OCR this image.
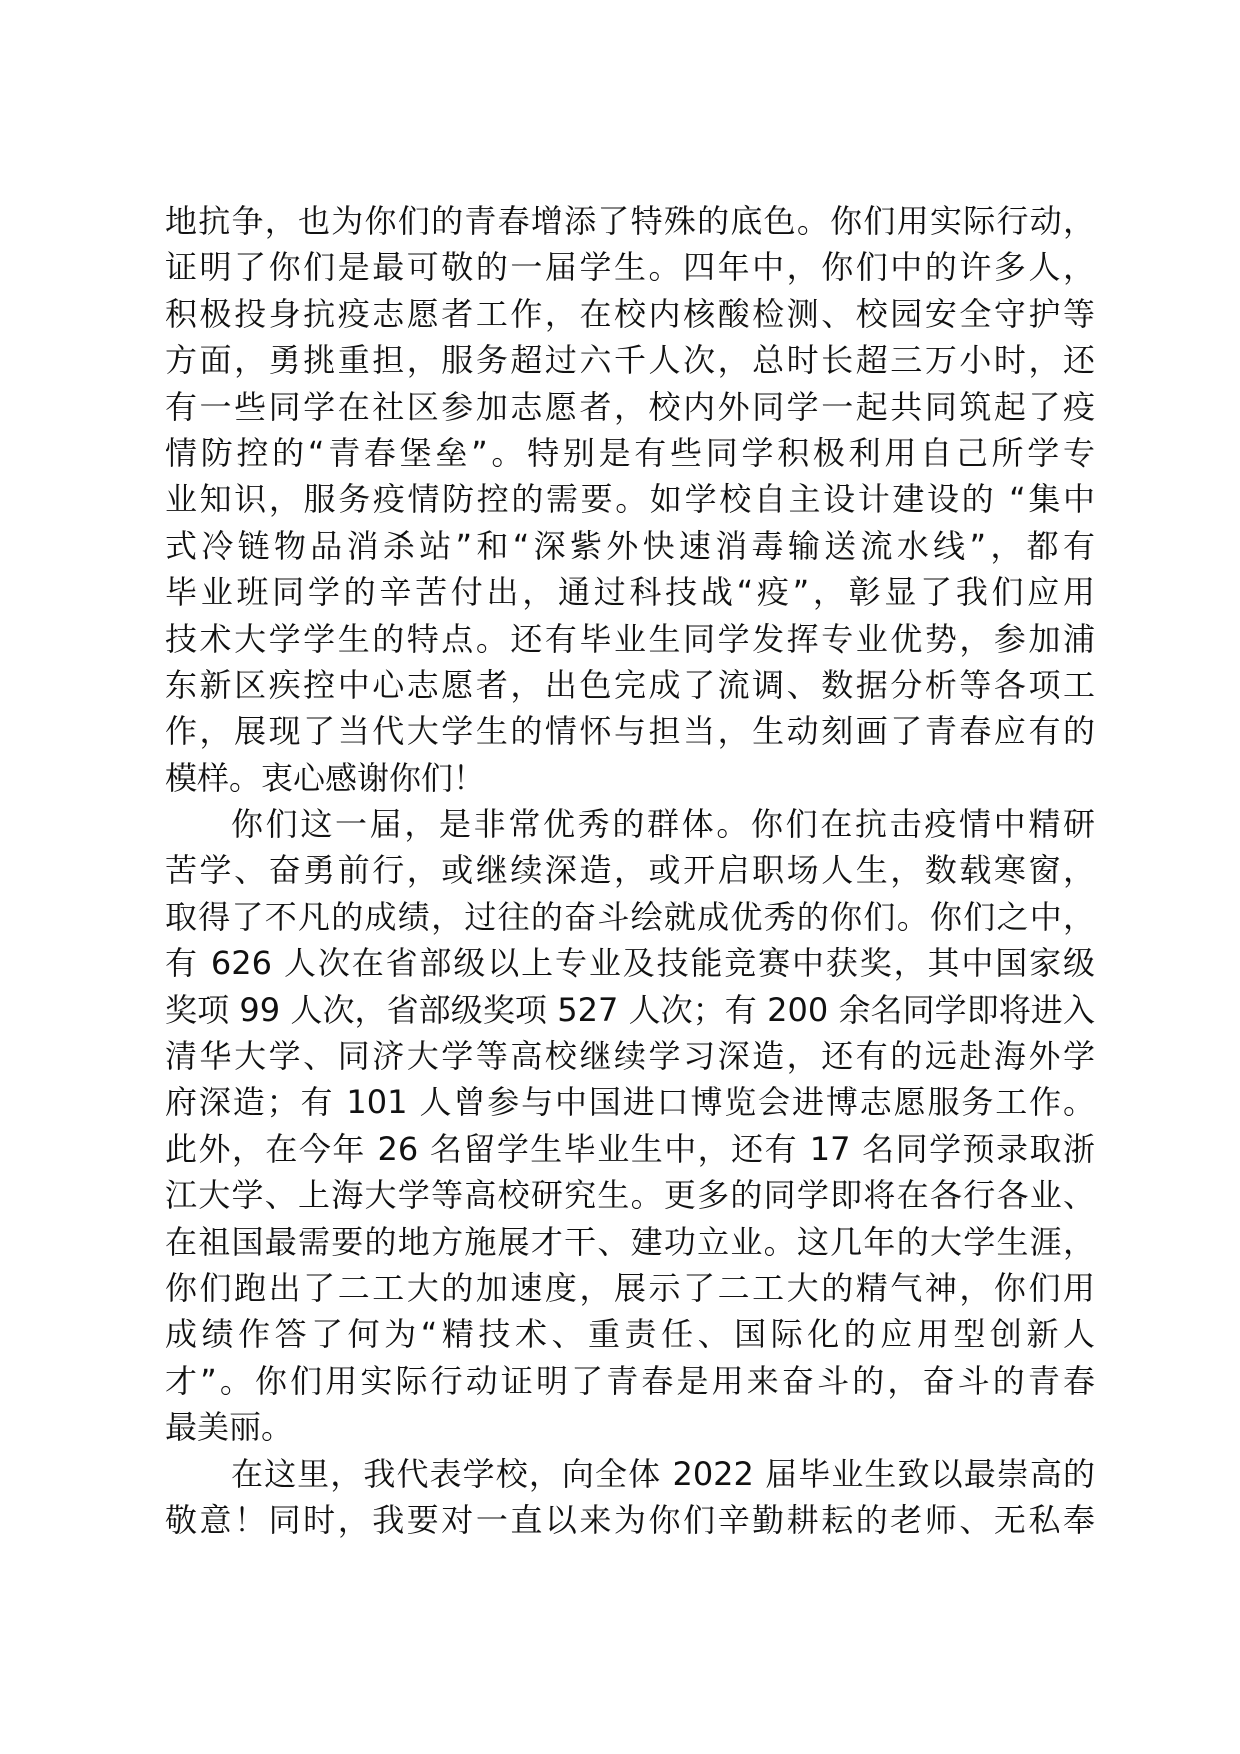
地抗争，也为你们的青春增添了特殊的底色。你们用实际行动，
证明了你们是最可敬的一届学生。四年中，你们中的许多人，
积极投身抗疫志愿者工作，在校内核酸检测、校园安全守护等
方面，勇挑重担，服务超过六千人次，总时长超三万小时，还
有一些同学在社区参加志愿者，校内外同学一起共同筑起了疫
情防控的“青春堡垒”。特别是有些同学积极利用自己所学专
业知识，服务疫情防控的需要。如学校自主设计建设的 “集中
式冷链物品消杀站”和“深紫外快速消毒输送流水线”，都有
毕业班同学的辛苦付出，通过科技战“疫”，彰显了我们应用
技术大学学生的特点。还有毕业生同学发挥专业优势，参加浦
东新区疾控中心志愿者，出色完成了流调、数据分析等各项工
作，展现了当代大学生的情怀与担当，生动刻画了青春应有的
模样。衷心感谢你们！
你们这一届，是非常优秀的群体。你们在抗击疫情中精研
苦学、奋勇前行，或继续深造，或开启职场人生，数载寒窗，
取得了不凡的成绩，过往的奋斗绘就成优秀的你们。你们之中，
有 626 人次在省部级以上专业及技能竞赛中获奖，其中国家级
奖项 99 人次，省部级奖项 527 人次；有 200 余名同学即将进入
清华大学、同济大学等高校继续学习深造，还有的远赴海外学
府深造；有 101 人曾参与中国进口博览会进博志愿服务工作。
此外，在今年 26 名留学生毕业生中，还有 17 名同学预录取浙
江大学、上海大学等高校研究生。更多的同学即将在各行各业、
在祖国最需要的地方施展才干、建功立业。这几年的大学生涯，
你们跑出了二工大的加速度，展示了二工大的精气神，你们用
成绩作答了何为“精技术、重责任、国际化的应用型创新人
才”。你们用实际行动证明了青春是用来奋斗的，奋斗的青春
最美丽。
在这里，我代表学校，向全体 2022 届毕业生致以最崇高的
敬意！同时，我要对一直以来为你们辛勤耕耘的老师、无私奉
